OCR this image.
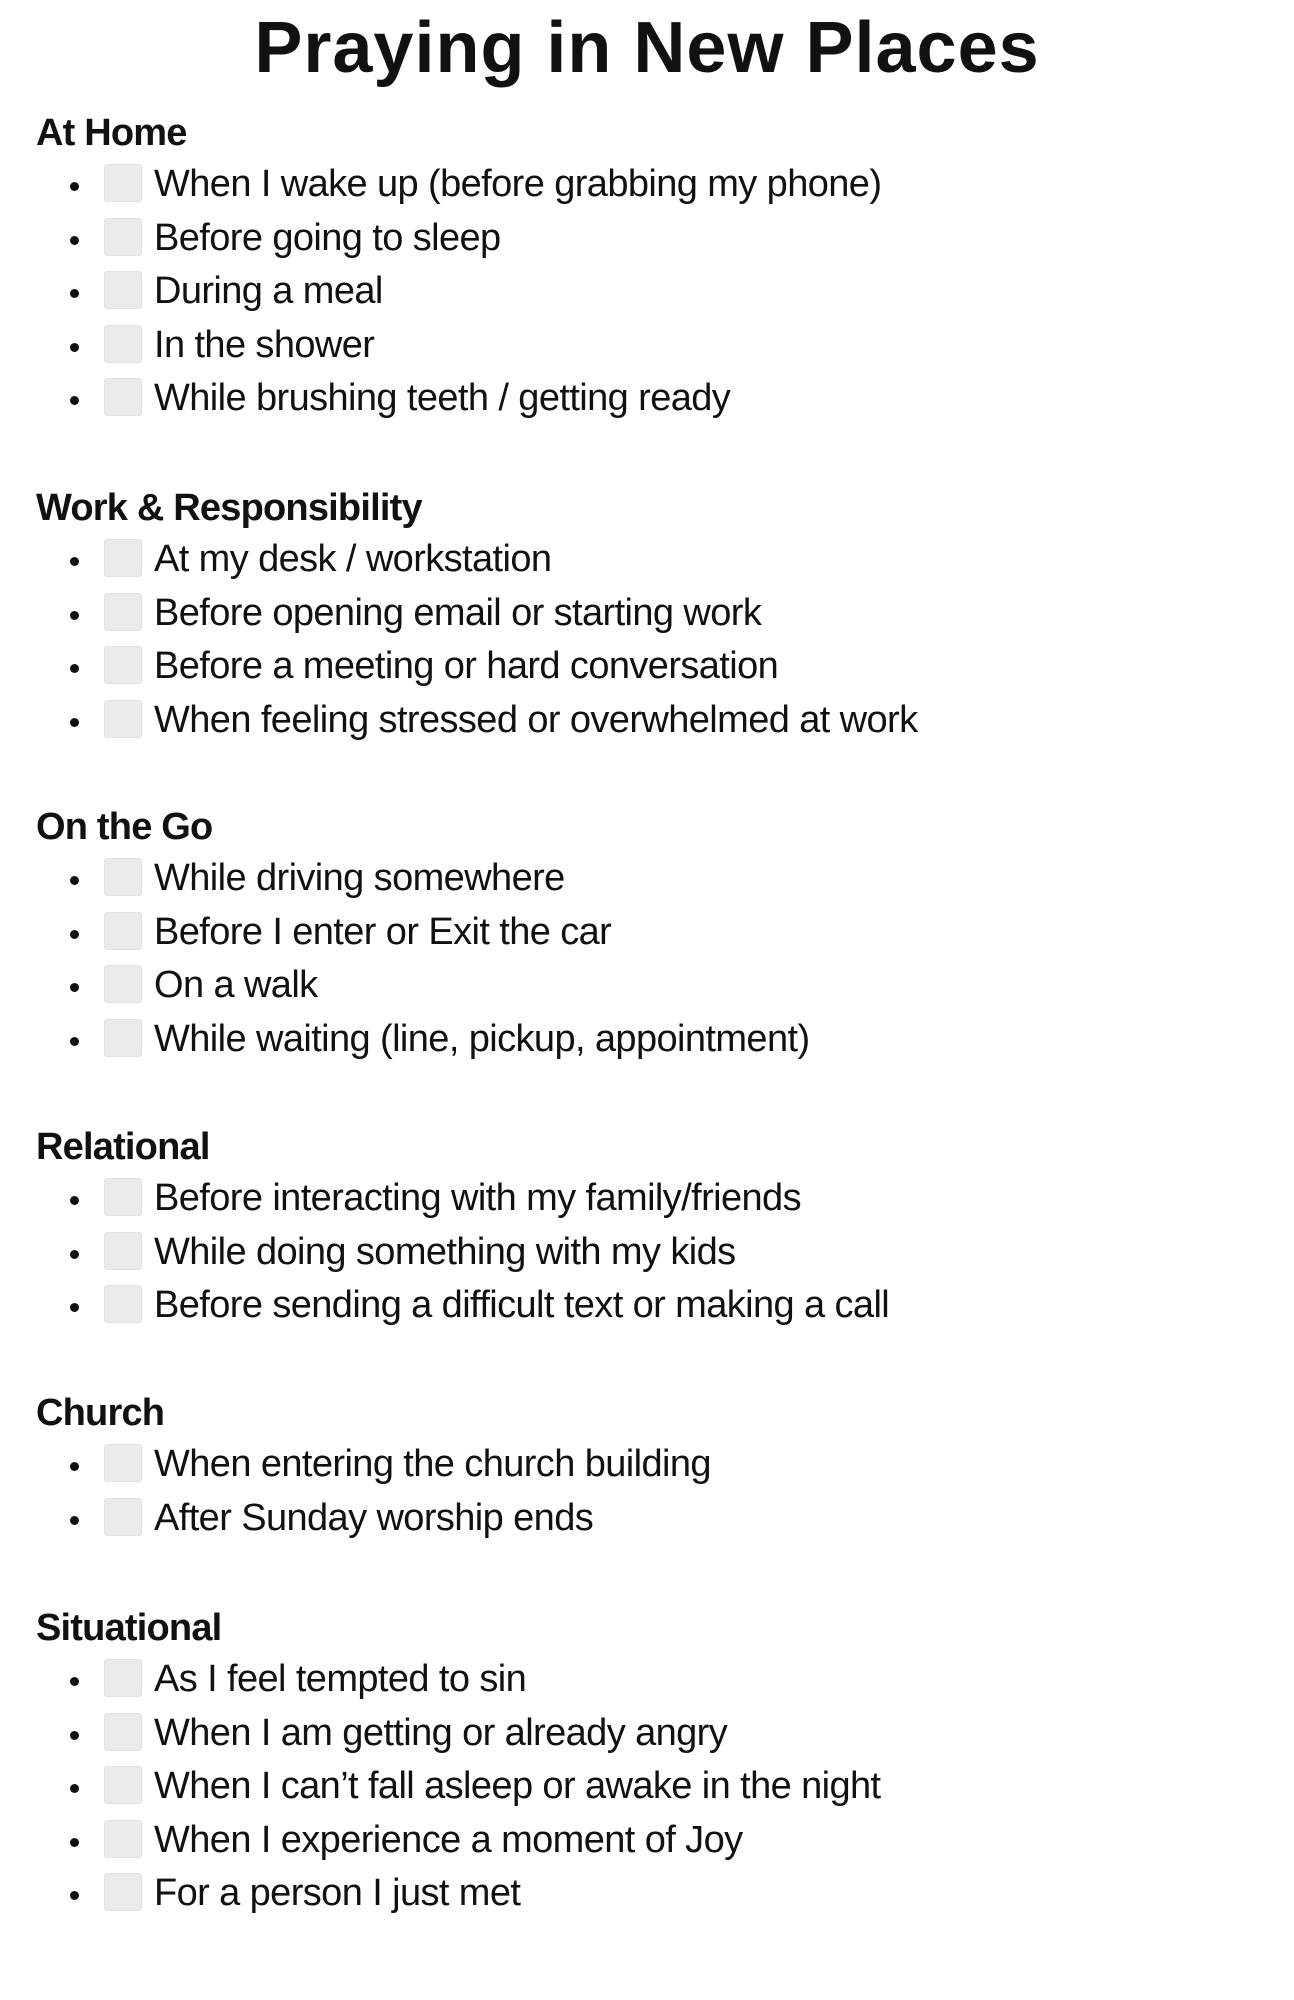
Praying in New Places
At Home
When I wake up (before grabbing my phone)
Before going to sleep
During a meal
In the shower
While brushing teeth / getting ready
Work & Responsibility
At my desk / workstation
Before opening email or starting work
Before a meeting or hard conversation
When feeling stressed or overwhelmed at work
On the Go
While driving somewhere
Before I enter or Exit the car
On a walk
While waiting (line, pickup, appointment)
Relational
Before interacting with my family/friends
While doing something with my kids
Before sending a difficult text or making a call
Church
When entering the church building
After Sunday worship ends
Situational
As I feel tempted to sin
When I am getting or already angry
When I can’t fall asleep or awake in the night
When I experience a moment of Joy
For a person I just met
